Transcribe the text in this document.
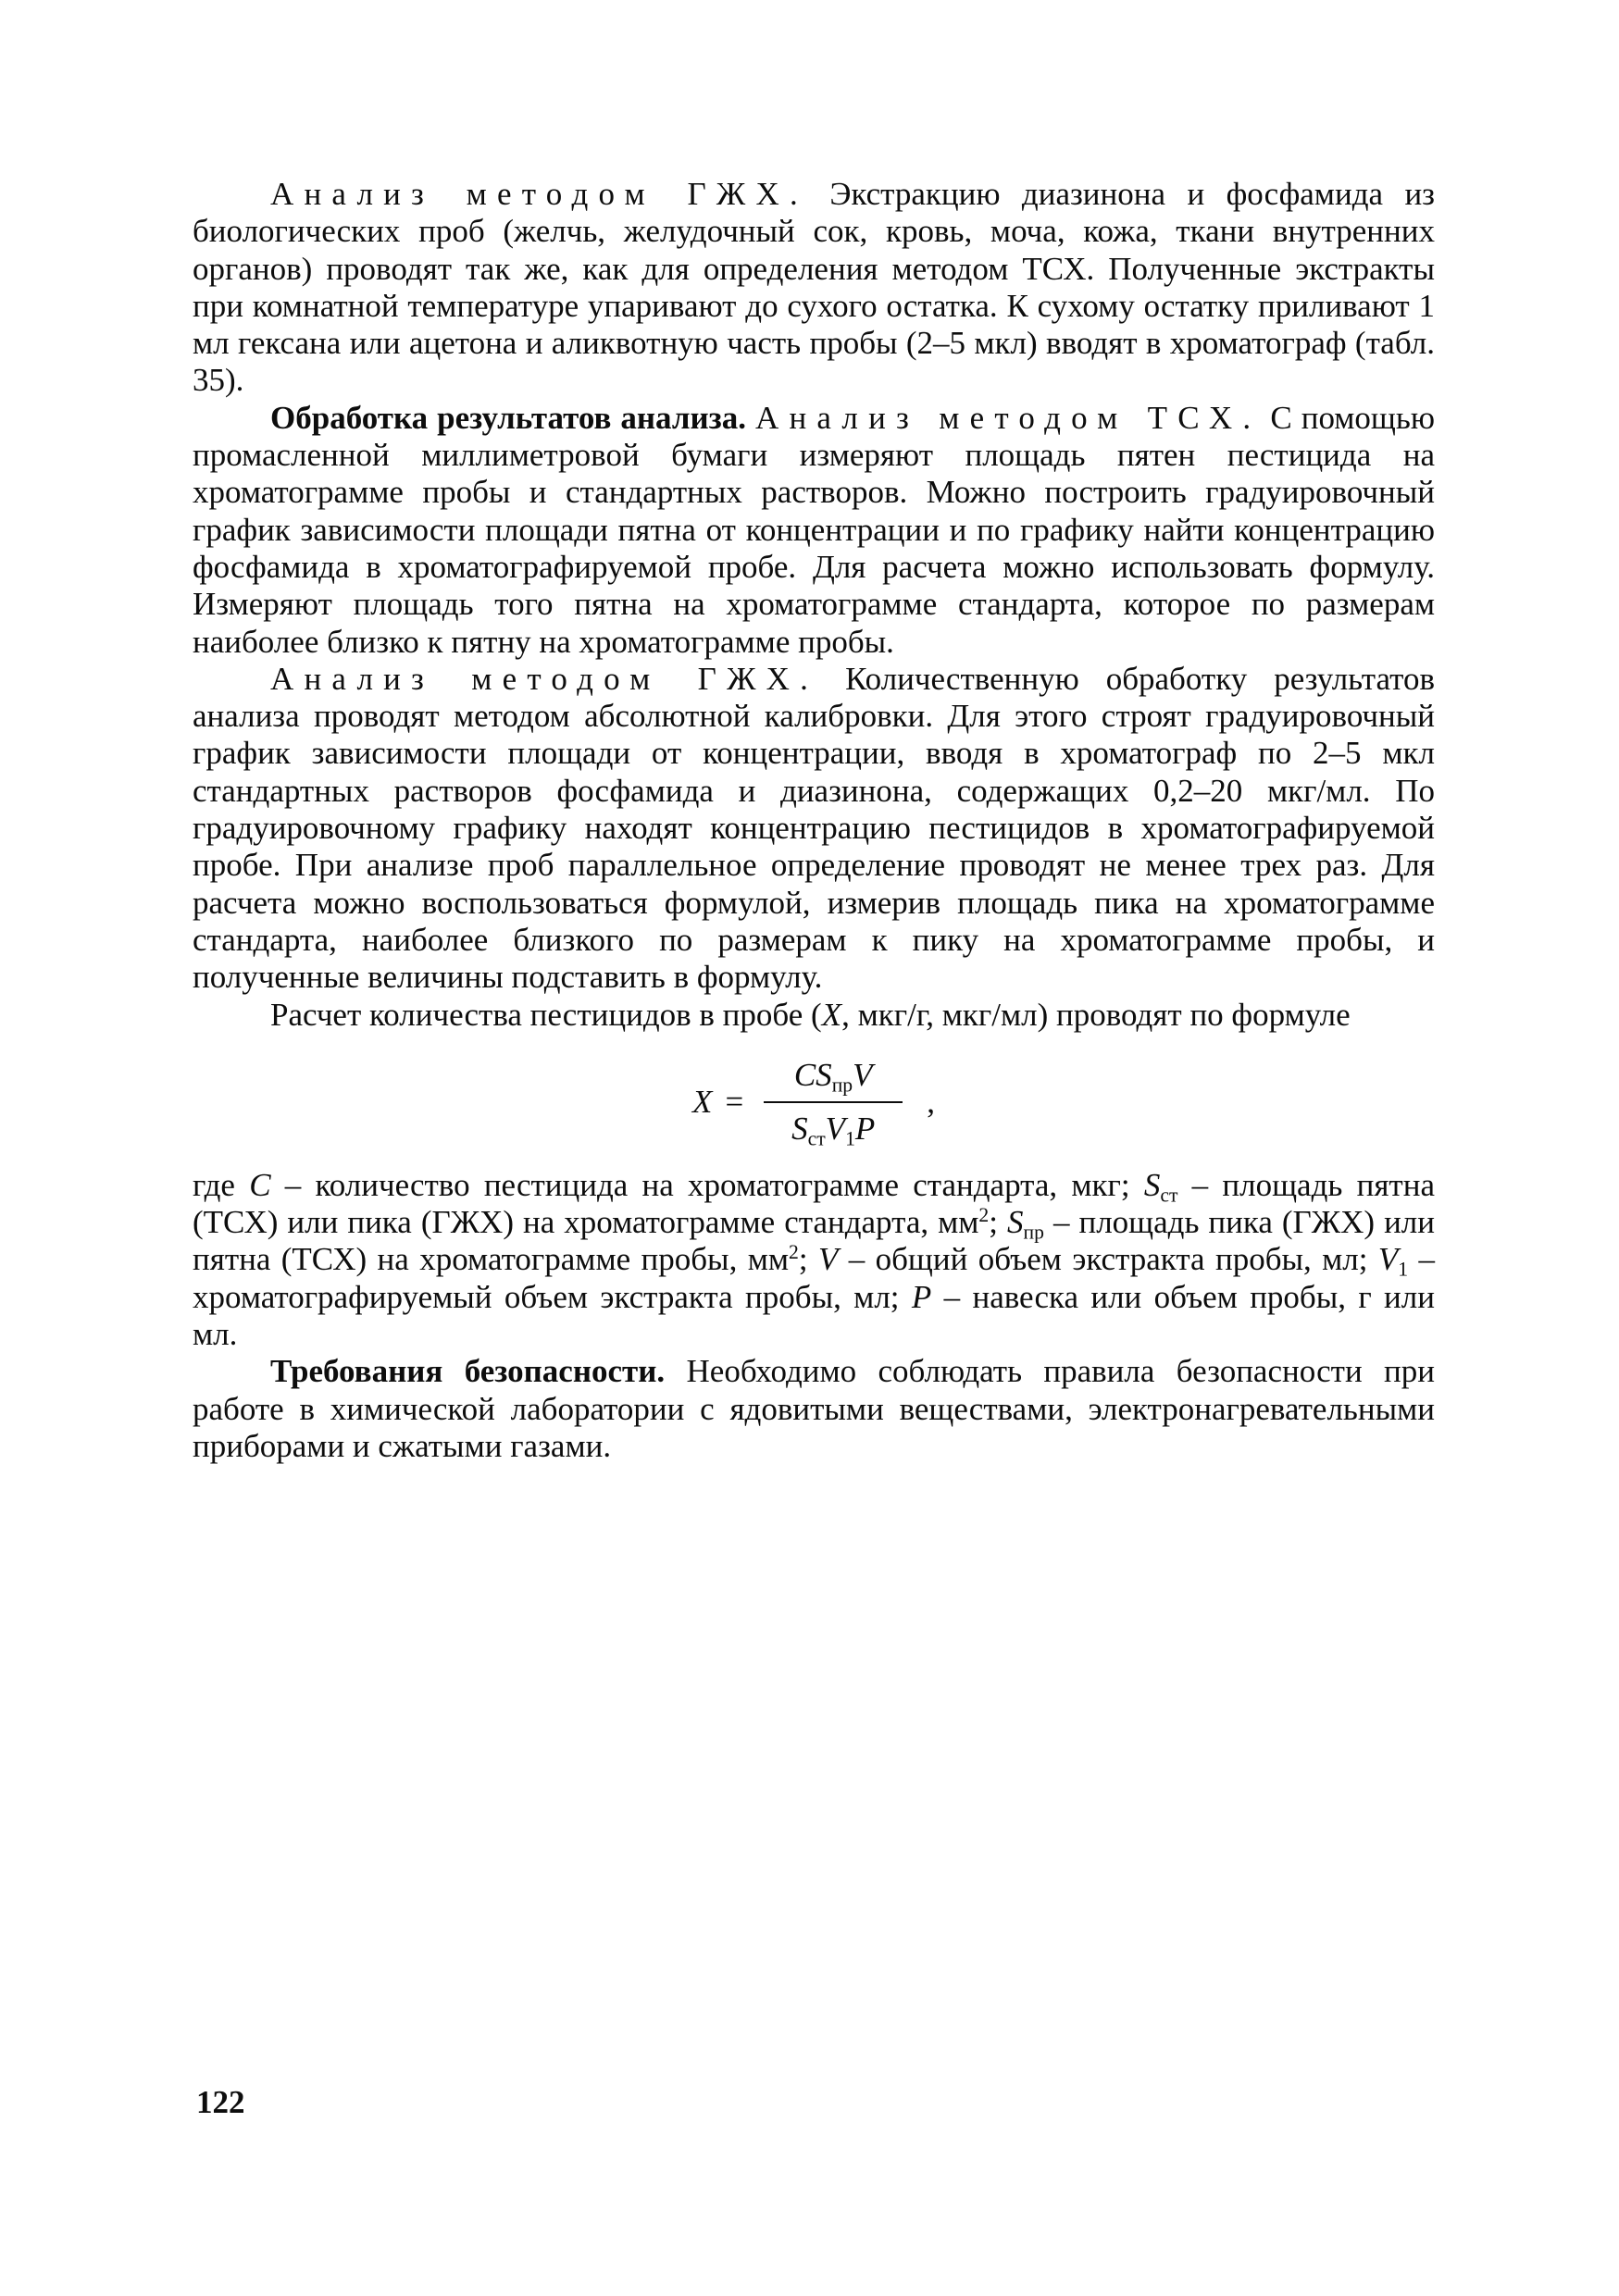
Анализ методом ГЖХ. Экстракцию диазинона и фосфамида из биологических проб (желчь, желудочный сок, кровь, моча, кожа, ткани внутренних органов) проводят так же, как для определения методом ТСХ. Полученные экстракты при комнатной температуре упаривают до сухого остатка. К сухому остатку приливают 1 мл гексана или ацетона и аликвотную часть пробы (2–5 мкл) вводят в хроматограф (табл. 35).

Обработка результатов анализа. Анализ методом ТСХ. С помощью промасленной миллиметровой бумаги измеряют площадь пятен пестицида на хроматограмме пробы и стандартных растворов. Можно построить градуировочный график зависимости площади пятна от концентрации и по графику найти концентрацию фосфамида в хроматографируемой пробе. Для расчета можно использовать формулу. Измеряют площадь того пятна на хроматограмме стандарта, которое по размерам наиболее близко к пятну на хроматограмме пробы.

Анализ методом ГЖХ. Количественную обработку результатов анализа проводят методом абсолютной калибровки. Для этого строят градуировочный график зависимости площади от концентрации, вводя в хроматограф по 2–5 мкл стандартных растворов фосфамида и диазинона, содержащих 0,2–20 мкг/мл. По градуировочному графику находят концентрацию пестицидов в хроматографируемой пробе. При анализе проб параллельное определение проводят не менее трех раз. Для расчета можно воспользоваться формулой, измерив площадь пика на хроматограмме стандарта, наиболее близкого по размерам к пику на хроматограмме пробы, и полученные величины подставить в формулу.

Расчет количества пестицидов в пробе (X, мкг/г, мкг/мл) проводят по формуле

$X = \frac{CS_{пр}V}{S_{ст}V_1P}$ ,

где C – количество пестицида на хроматограмме стандарта, мкг; $S_{ст}$ – площадь пятна (ТСХ) или пика (ГЖХ) на хроматограмме стандарта, $мм^2$; $S_{пр}$ – площадь пика (ГЖХ) или пятна (ТСХ) на хроматограмме пробы, $мм^2$; V – общий объем экстракта пробы, мл; $V_1$ – хроматографируемый объем экстракта пробы, мл; P – навеска или объем пробы, г или мл.

Требования безопасности. Необходимо соблюдать правила безопасности при работе в химической лаборатории с ядовитыми веществами, электронагревательными приборами и сжатыми газами.

122
